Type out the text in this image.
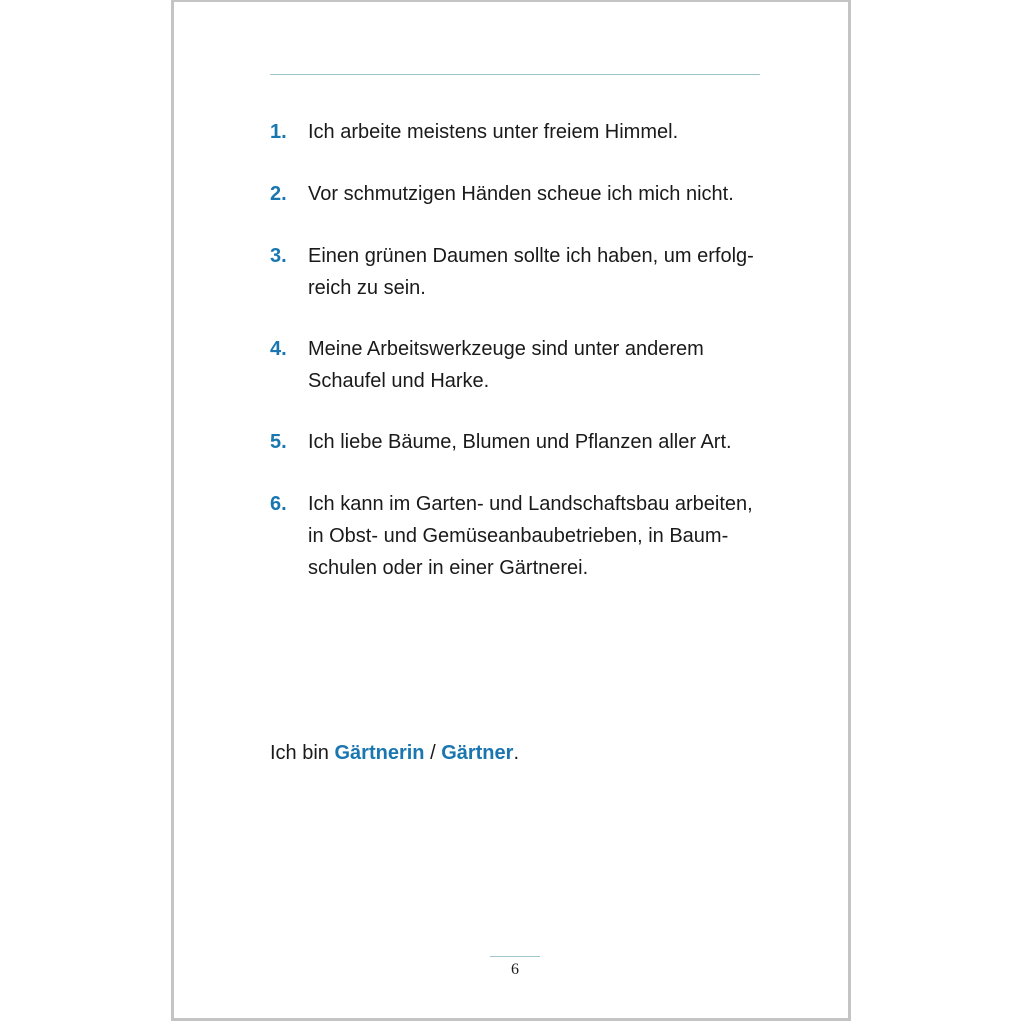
1.	Ich arbeite meistens unter freiem Himmel.
2.	Vor schmutzigen Händen scheue ich mich nicht.
3.	Einen grünen Daumen sollte ich haben, um erfolg-
reich zu sein.
4.	Meine Arbeitswerkzeuge sind unter anderem
Schaufel und Harke.
5.	Ich liebe Bäume, Blumen und Pflanzen aller Art.
6.	Ich kann im Garten- und Landschaftsbau arbeiten,
in Obst- und Gemüseanbaubetrieben, in Baum-
schulen oder in einer Gärtnerei.
Ich bin Gärtnerin / Gärtner.
6
